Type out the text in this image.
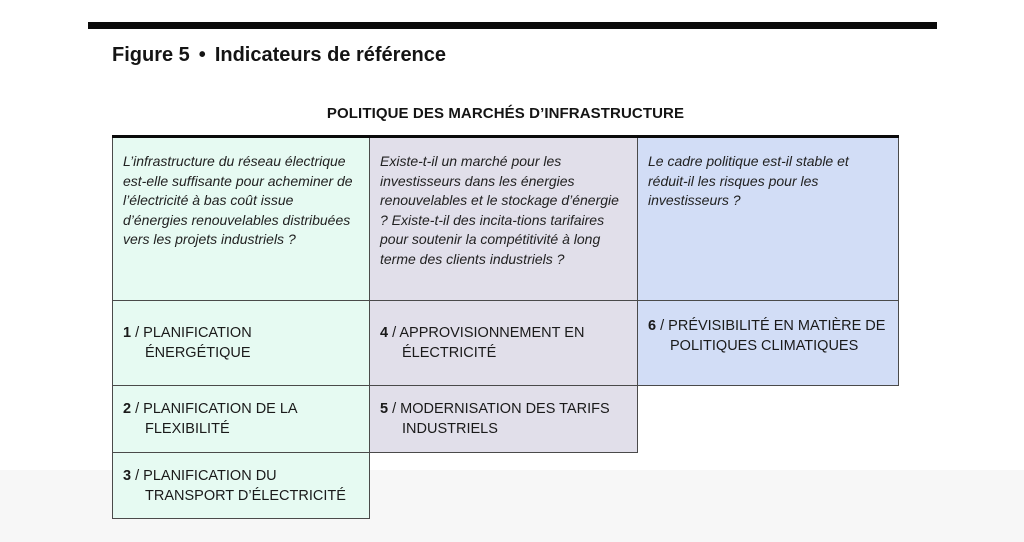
Figure 5 • Indicateurs de référence
POLITIQUE DES MARCHÉS D’INFRASTRUCTURE
L’infrastructure du réseau électrique est-elle suffisante pour acheminer de l’électricité à bas coût issue d’énergies renouvelables distribuées vers les projets industriels ?
1 / PLANIFICATION ÉNERGÉTIQUE
2 / PLANIFICATION DE LA FLEXIBILITÉ
3 / PLANIFICATION DU TRANSPORT D’ÉLECTRICITÉ
Existe-t-il un marché pour les investisseurs dans les énergies renouvelables et le stockage d’énergie ? Existe-t-il des incita-tions tarifaires pour soutenir la compétitivité à long terme des clients industriels ?
4 / APPROVISIONNEMENT EN ÉLECTRICITÉ
5 / MODERNISATION DES TARIFS INDUSTRIELS
Le cadre politique est-il stable et réduit-il les risques pour les investisseurs ?
6 / PRÉVISIBILITÉ EN MATIÈRE DE POLITIQUES CLIMATIQUES
